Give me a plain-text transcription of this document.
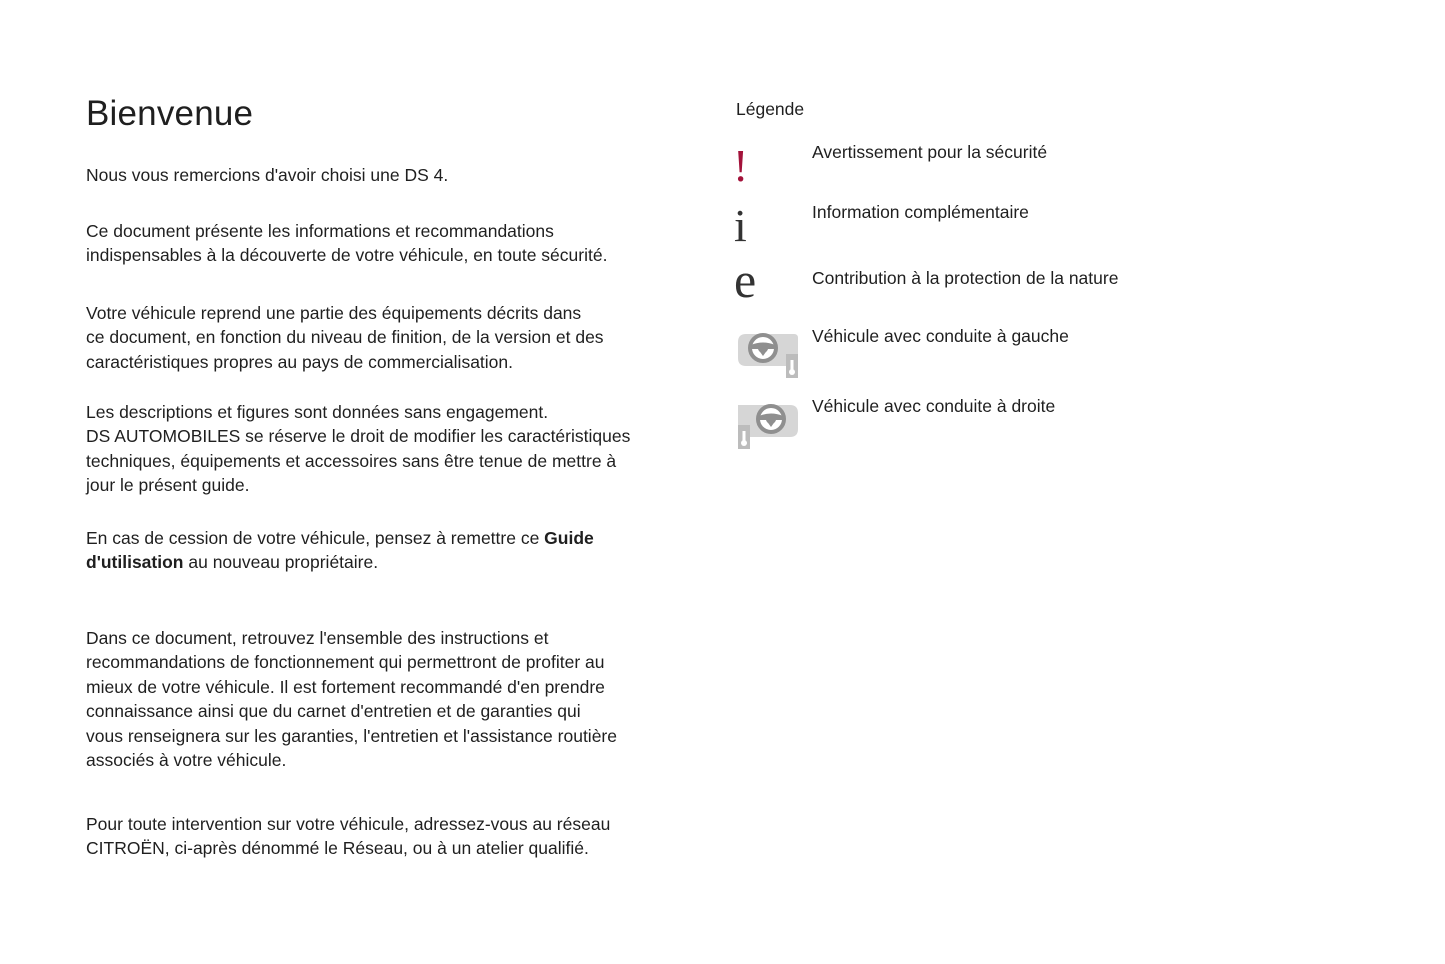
Bienvenue
Nous vous remercions d'avoir choisi une DS 4.
Ce document présente les informations et recommandations
indispensables à la découverte de votre véhicule, en toute sécurité.
Votre véhicule reprend une partie des équipements décrits dans
ce document, en fonction du niveau de finition, de la version et des
caractéristiques propres au pays de commercialisation.
Les descriptions et figures sont données sans engagement.
DS AUTOMOBILES se réserve le droit de modifier les caractéristiques
techniques, équipements et accessoires sans être tenue de mettre à
jour le présent guide.
En cas de cession de votre véhicule, pensez à remettre ce Guide
d'utilisation au nouveau propriétaire.
Dans ce document, retrouvez l'ensemble des instructions et
recommandations de fonctionnement qui permettront de profiter au
mieux de votre véhicule. Il est fortement recommandé d'en prendre
connaissance ainsi que du carnet d'entretien et de garanties qui
vous renseignera sur les garanties, l'entretien et l'assistance routière
associés à votre véhicule.
Pour toute intervention sur votre véhicule, adressez-vous au réseau
CITROËN, ci-après dénommé le Réseau, ou à un atelier qualifié.
Légende
!	Avertissement pour la sécurité
i	Information complémentaire
e	Contribution à la protection de la nature
Véhicule avec conduite à gauche
Véhicule avec conduite à droite
